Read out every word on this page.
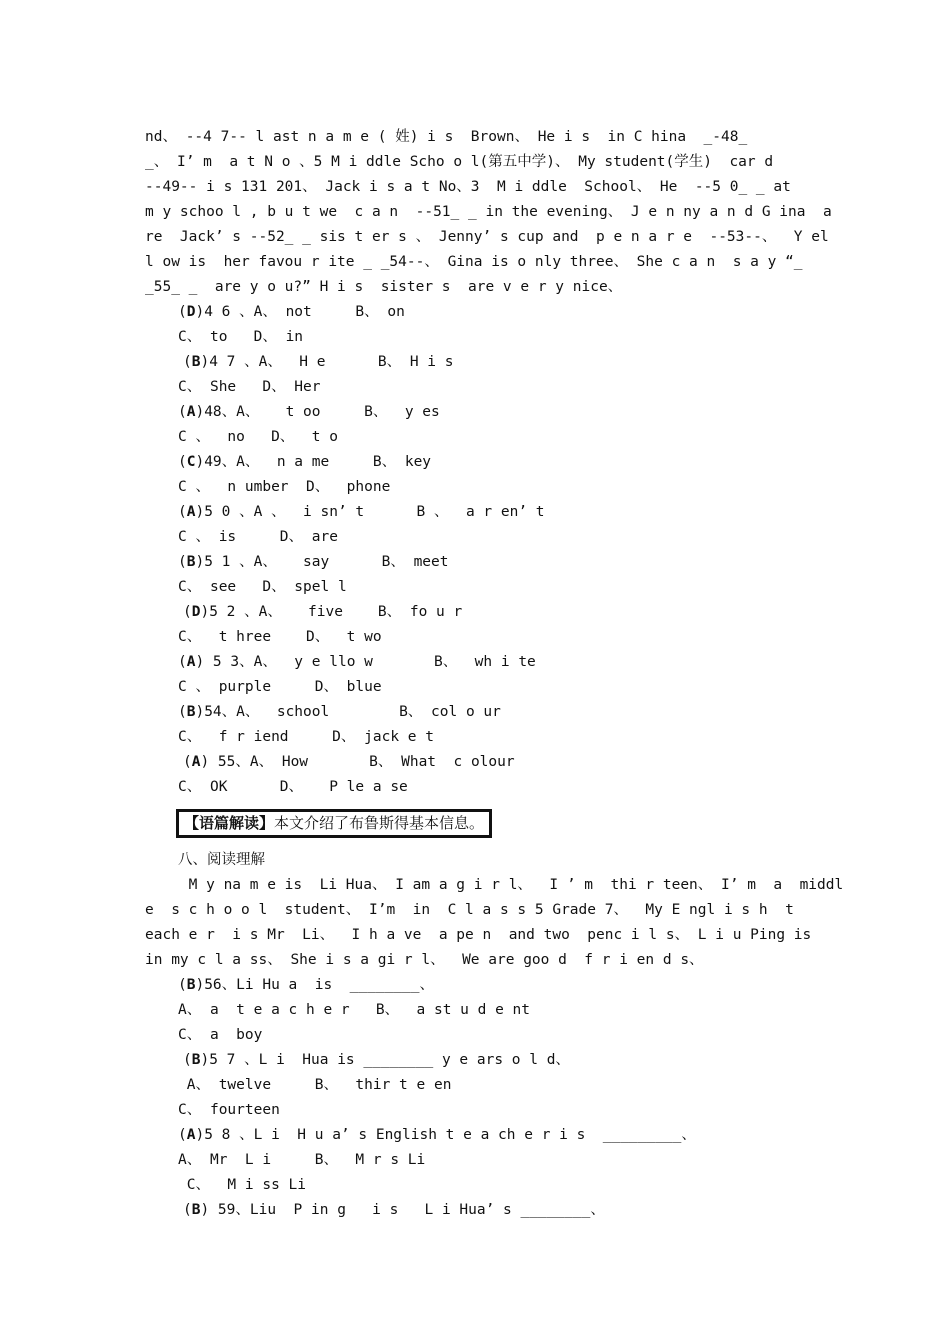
nd、 --4 7-- l ast n a m e ( 姓) i s  Brown、 He i s  in C hina  _-48_
_、 I’ m  a t N o 、5 M i ddle Scho o l(第五中学)、 My student(学生)  car d
--49-- i s 131 201、 Jack i s a t No、3  M i ddle  School、 He  --5 0_ _ at
m y schoo l , b u t we  c a n  --51_ _ in the evening、 J e n ny a n d G ina  a
re  Jack’ s --52_ _ sis t er s 、 Jenny’ s cup and  p e n a r e  --53--、  Y el
l ow is  her favou r ite _ _54--、 Gina is o nly three、 She c a n  s a y “_
_55_ _  are y o u?” H i s  sister s  are v e r y nice、
(D)4 6 、A、 not     B、 on
C、 to   D、 in
(B)4 7 、A、  H e      B、 H i s
C、 She   D、 Her
(A)48、A、   t oo     B、  y es
C 、  no   D、  t o
(C)49、A、  n a me     B、 key
C 、  n umber  D、  phone
(A)5 0 、A 、  i sn’ t      B 、  a r en’ t
C 、 is     D、 are
(B)5 1 、A、   say      B、 meet
C、 see   D、 spel l
(D)5 2 、A、   five    B、 fo u r
C、  t hree    D、  t wo
(A) 5 3、A、  y e llo w       B、  wh i te
C 、 purple     D、 blue
(B)54、A、  school        B、 col o ur
C、  f r iend     D、 jack e t
(A) 55、A、 How       B、 What  c olour
C、 OK      D、   P le a se
【语篇解读】本文介绍了布鲁斯得基本信息。
八、阅读理解
M y na m e is  Li Hua、 I am a g i r l、  I ’ m  thi r teen、 I’ m  a  middl
e  s c h o o l  student、 I’m  in  C l a s s 5 Grade 7、  My E ngl i s h  t
each e r  i s Mr  Li、  I h a ve  a pe n  and two  penc i l s、 L i u Ping is
in my c l a ss、 She i s a gi r l、  We are goo d  f r i en d s、
(B)56、Li Hu a  is  ________、
A、 a  t e a c h e r   B、  a st u d e nt
C、 a  boy
(B)5 7 、L i  Hua is ________ y e ars o l d、
A、 twelve     B、  thir t e en
C、 fourteen
(A)5 8 、L i  H u a’ s English t e a ch e r i s  _________、
A、 Mr  L i     B、  M r s Li
C、  M i ss Li
(B) 59、Liu  P in g   i s   L i Hua’ s ________、
